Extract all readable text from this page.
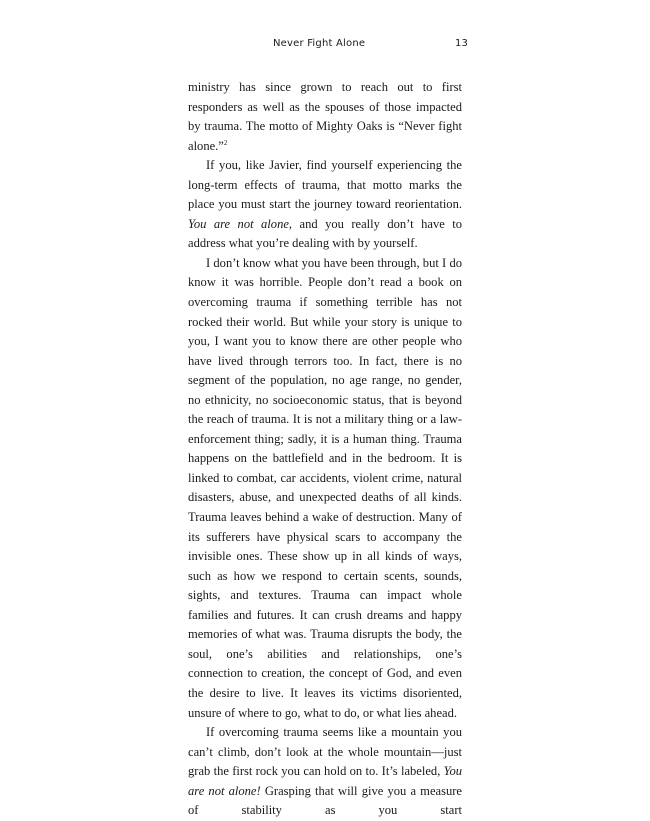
Never Fight Alone	13

ministry has since grown to reach out to first responders as well as the spouses of those impacted by trauma. The motto of Mighty Oaks is “Never fight alone.”$^2$

If you, like Javier, find yourself experiencing the long-term effects of trauma, that motto marks the place you must start the journey toward reorientation. You are not alone, and you really don’t have to address what you’re dealing with by yourself.

I don’t know what you have been through, but I do know it was horrible. People don’t read a book on overcoming trauma if something terrible has not rocked their world. But while your story is unique to you, I want you to know there are other people who have lived through terrors too. In fact, there is no segment of the population, no age range, no gender, no ethnicity, no socioeconomic status, that is beyond the reach of trauma. It is not a military thing or a law-enforcement thing; sadly, it is a human thing. Trauma happens on the battlefield and in the bedroom. It is linked to combat, car accidents, violent crime, natural disasters, abuse, and unexpected deaths of all kinds. Trauma leaves behind a wake of destruction. Many of its sufferers have physical scars to accompany the invisible ones. These show up in all kinds of ways, such as how we respond to certain scents, sounds, sights, and textures. Trauma can impact whole families and futures. It can crush dreams and happy memories of what was. Trauma disrupts the body, the soul, one’s abilities and relationships, one’s connection to creation, the concept of God, and even the desire to live. It leaves its victims disoriented, unsure of where to go, what to do, or what lies ahead.

If overcoming trauma seems like a mountain you can’t climb, don’t look at the whole mountain—just grab the first rock you can hold on to. It’s labeled, You are not alone! Grasping that will give you a measure of stability as you start
